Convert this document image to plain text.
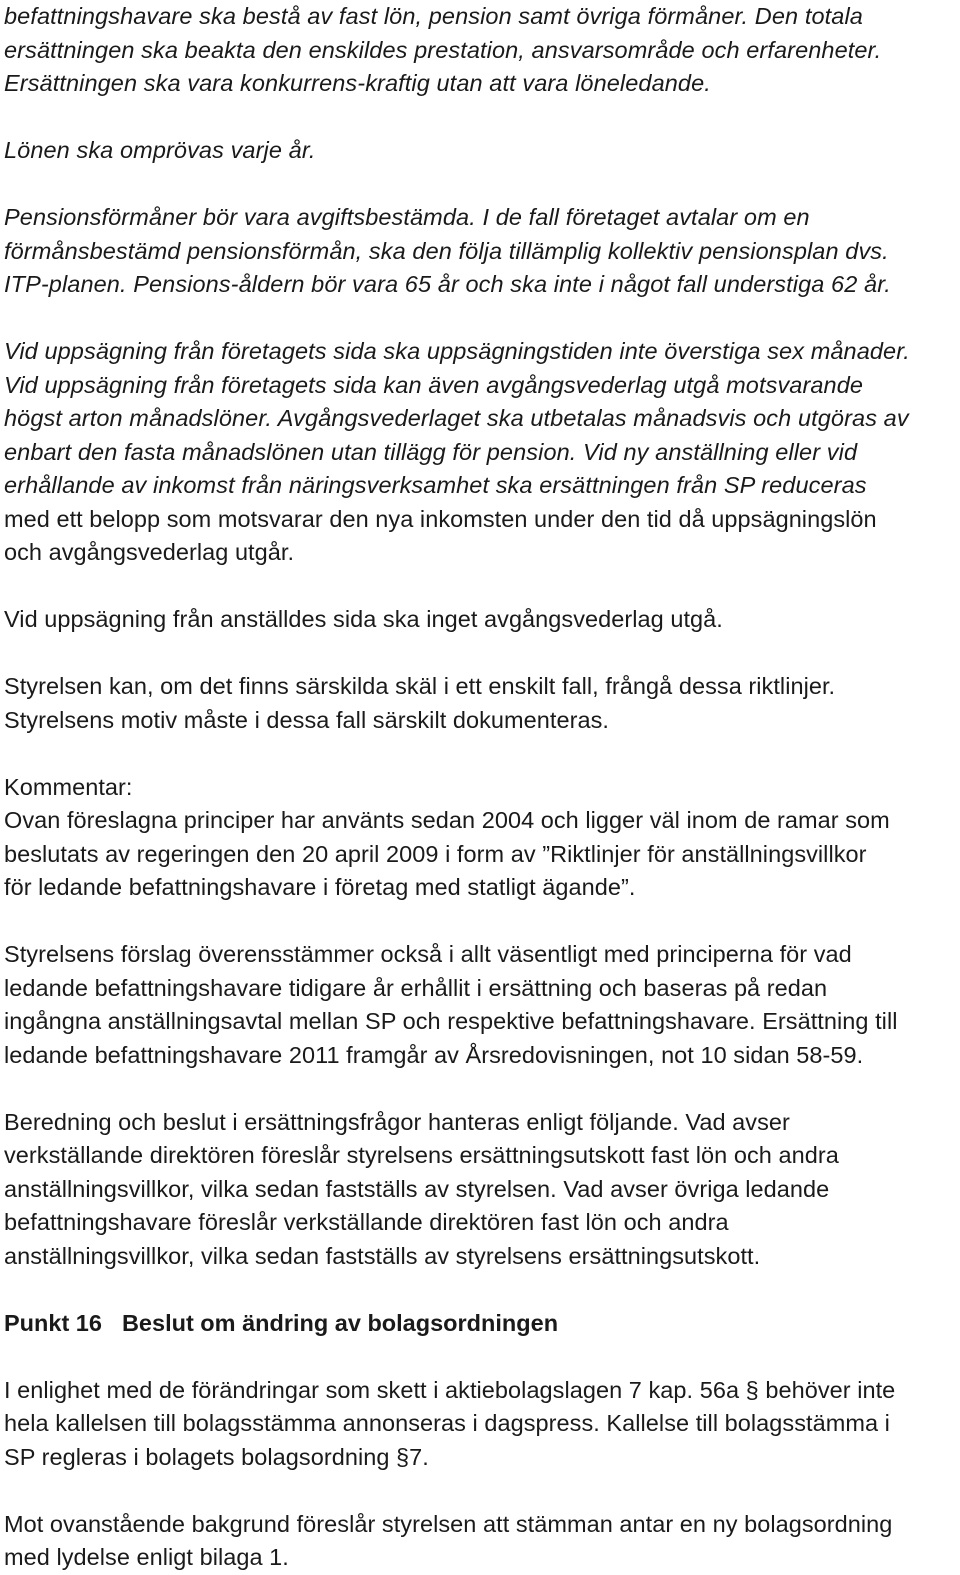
befattningshavare ska bestå av fast lön, pension samt övriga förmåner. Den totala
ersättningen ska beakta den enskildes prestation, ansvarsområde och erfarenheter.
Ersättningen ska vara konkurrens-kraftig utan att vara löneledande.
Lönen ska omprövas varje år.
Pensionsförmåner bör vara avgiftsbestämda. I de fall företaget avtalar om en
förmånsbestämd pensionsförmån, ska den följa tillämplig kollektiv pensionsplan dvs.
ITP-planen. Pensions-åldern bör vara 65 år och ska inte i något fall understiga 62 år.
Vid uppsägning från företagets sida ska uppsägningstiden inte överstiga sex månader.
Vid uppsägning från företagets sida kan även avgångsvederlag utgå motsvarande
högst arton månadslöner. Avgångsvederlaget ska utbetalas månadsvis och utgöras av
enbart den fasta månadslönen utan tillägg för pension. Vid ny anställning eller vid
erhållande av inkomst från näringsverksamhet ska ersättningen från SP reduceras
med ett belopp som motsvarar den nya inkomsten under den tid då uppsägningslön
och avgångsvederlag utgår.
Vid uppsägning från anställdes sida ska inget avgångsvederlag utgå.
Styrelsen kan, om det finns särskilda skäl i ett enskilt fall, frångå dessa riktlinjer.
Styrelsens motiv måste i dessa fall särskilt dokumenteras.
Kommentar:
Ovan föreslagna principer har använts sedan 2004 och ligger väl inom de ramar som
beslutats av regeringen den 20 april 2009 i form av ”Riktlinjer för anställningsvillkor
för ledande befattningshavare i företag med statligt ägande”.
Styrelsens förslag överensstämmer också i allt väsentligt med principerna för vad
ledande befattningshavare tidigare år erhållit i ersättning och baseras på redan
ingångna anställningsavtal mellan SP och respektive befattningshavare. Ersättning till
ledande befattningshavare 2011 framgår av Årsredovisningen, not 10 sidan 58-59.
Beredning och beslut i ersättningsfrågor hanteras enligt följande. Vad avser
verkställande direktören föreslår styrelsens ersättningsutskott fast lön och andra
anställningsvillkor, vilka sedan fastställs av styrelsen. Vad avser övriga ledande
befattningshavare föreslår verkställande direktören fast lön och andra
anställningsvillkor, vilka sedan fastställs av styrelsens ersättningsutskott.
Punkt 16 Beslut om ändring av bolagsordningen
I enlighet med de förändringar som skett i aktiebolagslagen 7 kap. 56a § behöver inte
hela kallelsen till bolagsstämma annonseras i dagspress. Kallelse till bolagsstämma i
SP regleras i bolagets bolagsordning §7.
Mot ovanstående bakgrund föreslår styrelsen att stämman antar en ny bolagsordning
med lydelse enligt bilaga 1.
